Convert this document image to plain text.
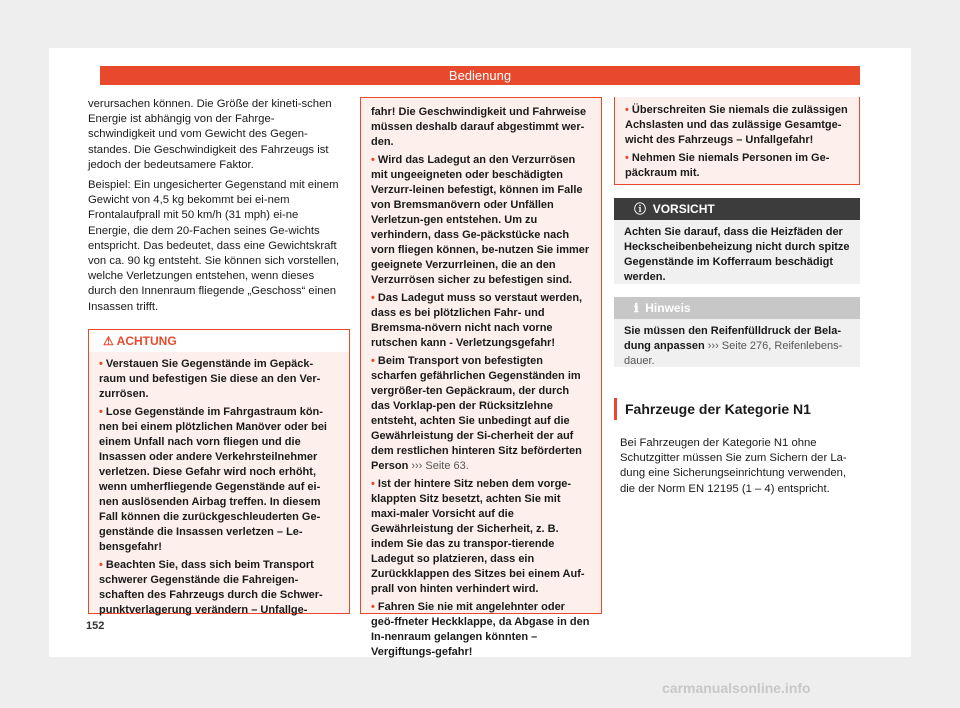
Bedienung

verursachen können. Die Größe der kineti-schen Energie ist abhängig von der Fahrge-schwindigkeit und vom Gewicht des Gegen-standes. Die Geschwindigkeit des Fahrzeugs ist jedoch der bedeutsamere Faktor.

Beispiel: Ein ungesicherter Gegenstand mit einem Gewicht von 4,5 kg bekommt bei ei-nem Frontalaufprall mit 50 km/h (31 mph) ei-ne Energie, die dem 20-Fachen seines Ge-wichts entspricht. Das bedeutet, dass eine Gewichtskraft von ca. 90 kg entsteht. Sie können sich vorstellen, welche Verletzungen entstehen, wenn dieses durch den Innenraum fliegende „Geschoss“ einen Insassen trifft.

⚠ ACHTUNG

• Verstauen Sie Gegenstände im Gepäck-raum und befestigen Sie diese an den Ver-zurrösen.

• Lose Gegenstände im Fahrgastraum kön-nen bei einem plötzlichen Manöver oder bei einem Unfall nach vorn fliegen und die Insassen oder andere Verkehrsteilnehmer verletzen. Diese Gefahr wird noch erhöht, wenn umherfliegende Gegenstände auf ei-nen auslösenden Airbag treffen. In diesem Fall können die zurückgeschleuderten Ge-genstände die Insassen verletzen – Le-bensgefahr!

• Beachten Sie, dass sich beim Transport schwerer Gegenstände die Fahreigen-schaften des Fahrzeugs durch die Schwer-punktverlagerung verändern – Unfallge-

fahr! Die Geschwindigkeit und Fahrweise müssen deshalb darauf abgestimmt wer-den.

• Wird das Ladegut an den Verzurrösen mit ungeeigneten oder beschädigten Verzurr-leinen befestigt, können im Falle von Bremsmanövern oder Unfällen Verletzun-gen entstehen. Um zu verhindern, dass Ge-päckstücke nach vorn fliegen können, be-nutzen Sie immer geeignete Verzurrleinen, die an den Verzurrösen sicher zu befestigen sind.

• Das Ladegut muss so verstaut werden, dass es bei plötzlichen Fahr- und Bremsma-növern nicht nach vorne rutschen kann - Verletzungsgefahr!

• Beim Transport von befestigten scharfen gefährlichen Gegenständen im vergrößer-ten Gepäckraum, der durch das Vorklap-pen der Rücksitzlehne entsteht, achten Sie unbedingt auf die Gewährleistung der Si-cherheit der auf dem restlichen hinteren Sitz beförderten Person ››› Seite 63.

• Ist der hintere Sitz neben dem vorge-klappten Sitz besetzt, achten Sie mit maxi-maler Vorsicht auf die Gewährleistung der Sicherheit, z. B. indem Sie das zu transpor-tierende Ladegut so platzieren, dass ein Zurückklappen des Sitzes bei einem Auf-prall von hinten verhindert wird.

• Fahren Sie nie mit angelehnter oder geö-ffneter Heckklappe, da Abgase in den In-nenraum gelangen könnten – Vergiftungs-gefahr!

• Überschreiten Sie niemals die zulässigen Achslasten und das zulässige Gesamtge-wicht des Fahrzeugs – Unfallgefahr!

• Nehmen Sie niemals Personen im Ge-päckraum mit.

ⓘ VORSICHT
Achten Sie darauf, dass die Heizfäden der Heckscheibenbeheizung nicht durch spitze Gegenstände im Kofferraum beschädigt werden.
ℹ Hinweis
Sie müssen den Reifenfülldruck der Bela-dung anpassen ››› Seite 276, Reifenlebens-dauer.
Fahrzeuge der Kategorie N1

Bei Fahrzeugen der Kategorie N1 ohne Schutzgitter müssen Sie zum Sichern der La-dung eine Sicherungseinrichtung verwenden, die der Norm EN 12195 (1 – 4) entspricht.

152
carmanualsonline.info
